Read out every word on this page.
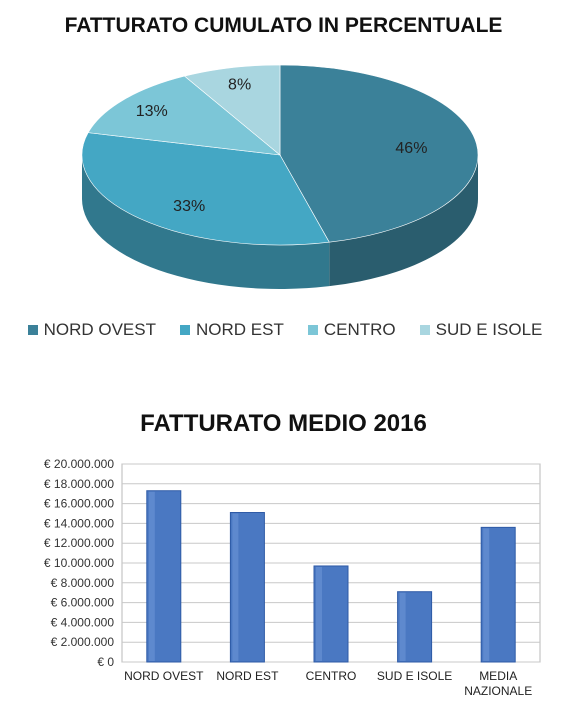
FATTURATO CUMULATO IN PERCENTUALE
46%
33%
13%
8%
NORD OVEST NORD EST CENTRO SUD E ISOLE
FATTURATO MEDIO 2016
€ 0
€ 2.000.000
€ 4.000.000
€ 6.000.000
€ 8.000.000
€ 10.000.000
€ 12.000.000
€ 14.000.000
€ 16.000.000
€ 18.000.000
€ 20.000.000
NORD OVEST NORD EST CENTRO SUD E ISOLE MEDIA
NAZIONALE
